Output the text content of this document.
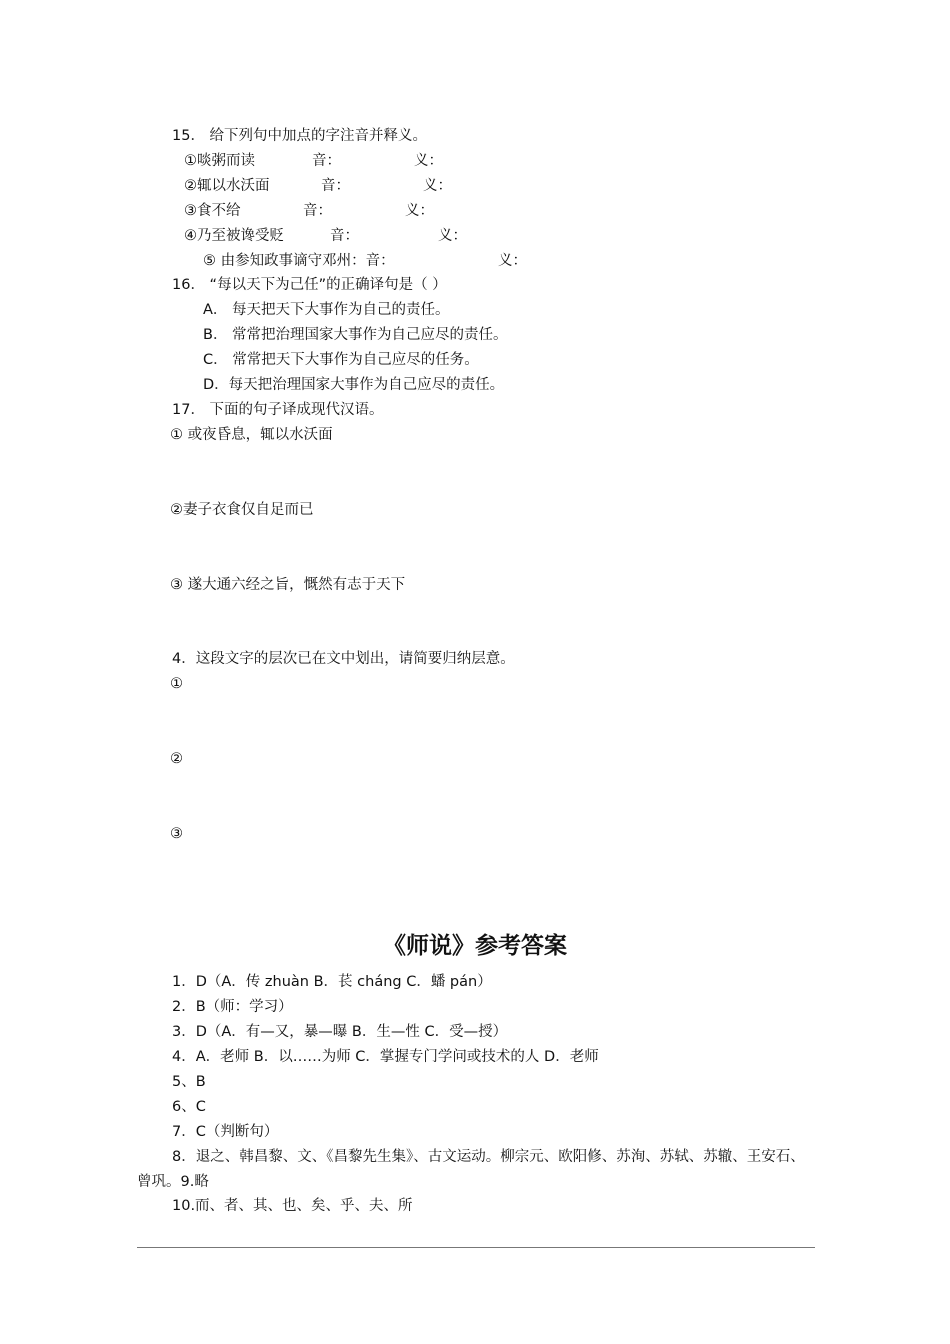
15． 给下列句中加点的字注音并释义。
①啖粥而读	音：	义：
②辄以水沃面	音：	义：
③食不给	音：	义：
④乃至被谗受贬	音：	义：
⑤ 由参知政事谪守邓州：音：	义：
16． “每以天下为己任”的正确译句是（ ）
A． 每天把天下大事作为自己的责任。
B． 常常把治理国家大事作为自己应尽的责任。
C． 常常把天下大事作为自己应尽的任务。
D．每天把治理国家大事作为自己应尽的责任。
17． 下面的句子译成现代汉语。
① 或夜昏息，辄以水沃面
②妻子衣食仅自足而已
③ 遂大通六经之旨，慨然有志于天下
4．这段文字的层次已在文中划出，请简要归纳层意。
①
②
③
《师说》参考答案
1．D（A．传 zhuàn B．苌 cháng C．蟠 pán）
2．B（师：学习）
3．D（A．有—又，暴—曝 B．生—性 C．受—授）
4．A．老师 B．以……为师 C．掌握专门学问或技术的人 D．老师
5、B
6、C
7．C（判断句）
8．退之、韩昌黎、文、《昌黎先生集》、古文运动。柳宗元、欧阳修、苏洵、苏轼、苏辙、王安石、
曾巩。9.略
10.而、者、其、也、矣、乎、夫、所
